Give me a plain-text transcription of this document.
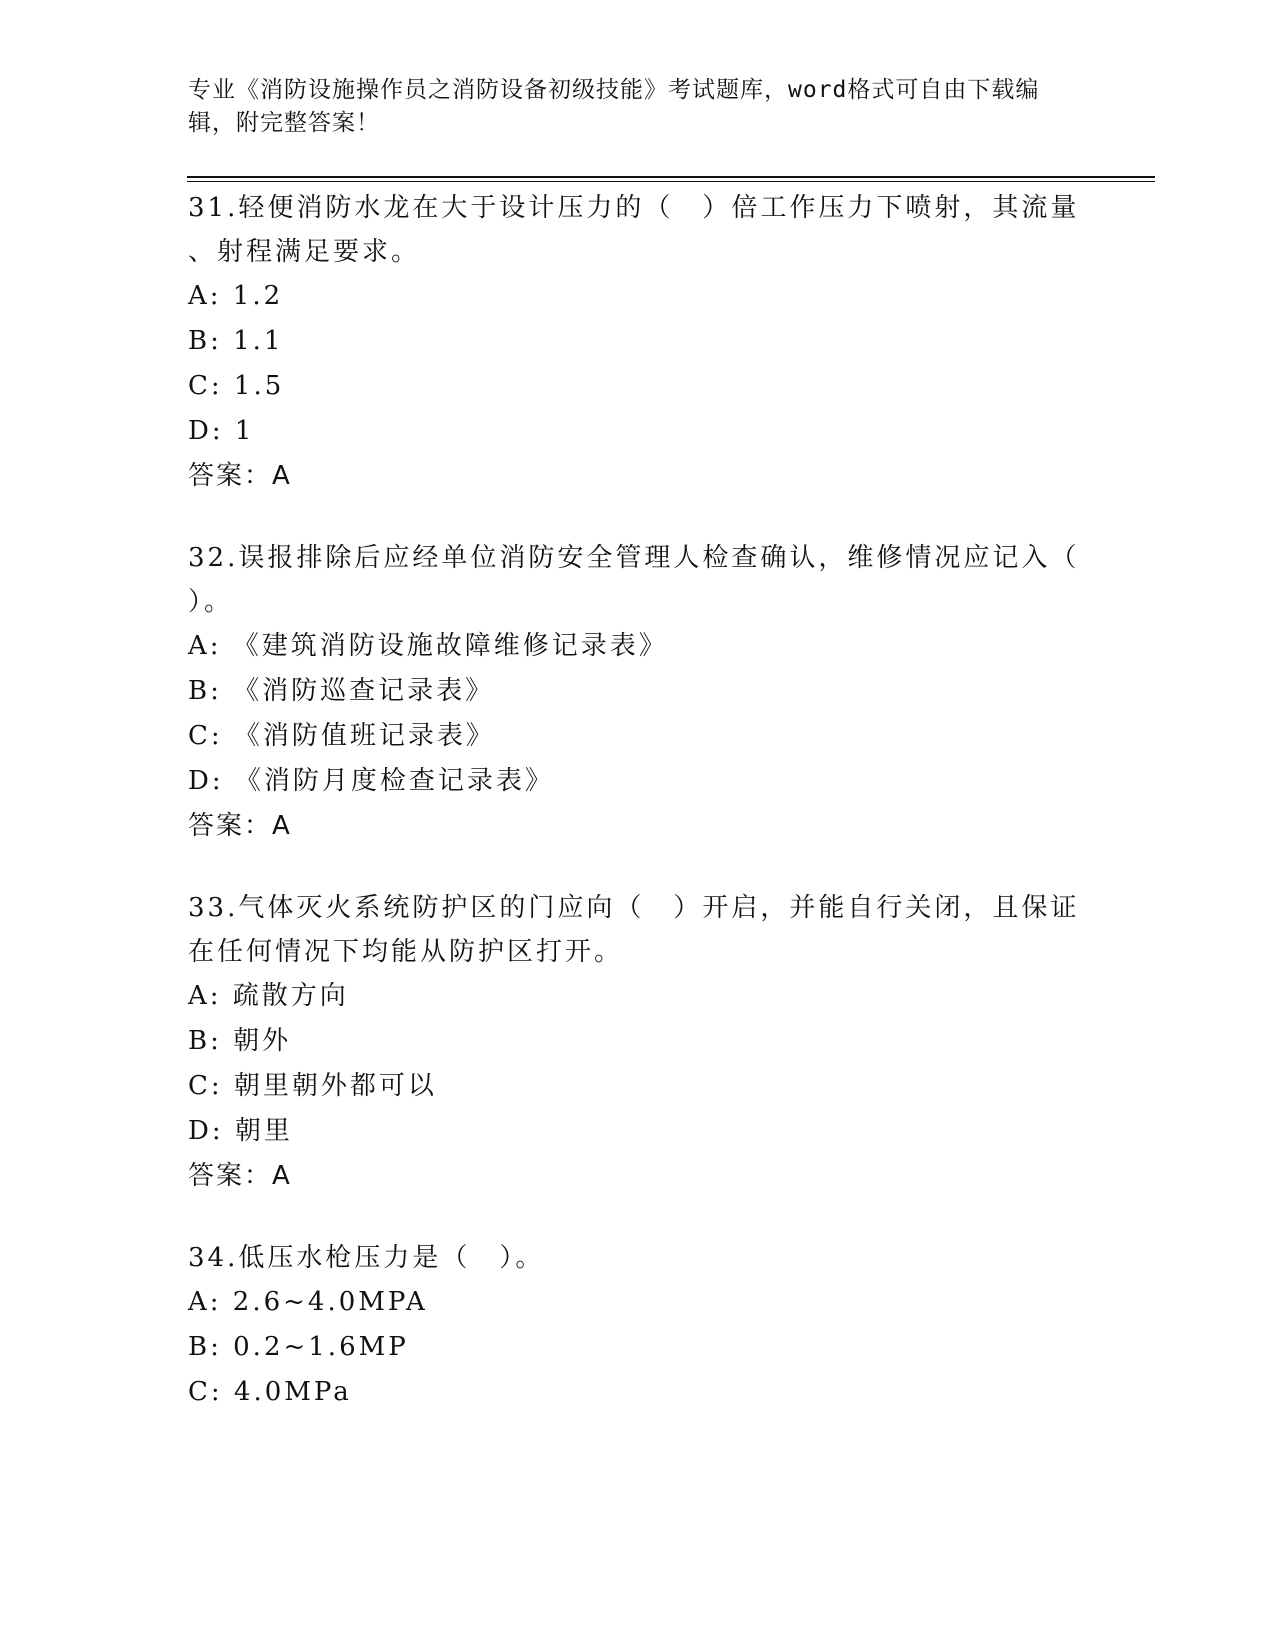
专业《消防设施操作员之消防设备初级技能》考试题库，word格式可自由下载编
辑，附完整答案！

31.轻便消防水龙在大于设计压力的（　）倍工作压力下喷射，其流量

、射程满足要求。

A: 1.2

B: 1.1

C: 1.5

D: 1

答案：A

32.误报排除后应经单位消防安全管理人检查确认，维修情况应记入（

）。

A: 《建筑消防设施故障维修记录表》

B: 《消防巡查记录表》

C: 《消防值班记录表》

D: 《消防月度检查记录表》

答案：A

33.气体灭火系统防护区的门应向（　）开启，并能自行关闭，且保证

在任何情况下均能从防护区打开。

A: 疏散方向

B: 朝外

C: 朝里朝外都可以

D: 朝里

答案：A

34.低压水枪压力是（　）。

A: 2.6~4.0MPA

B: 0.2~1.6MP

C: 4.0MPa
